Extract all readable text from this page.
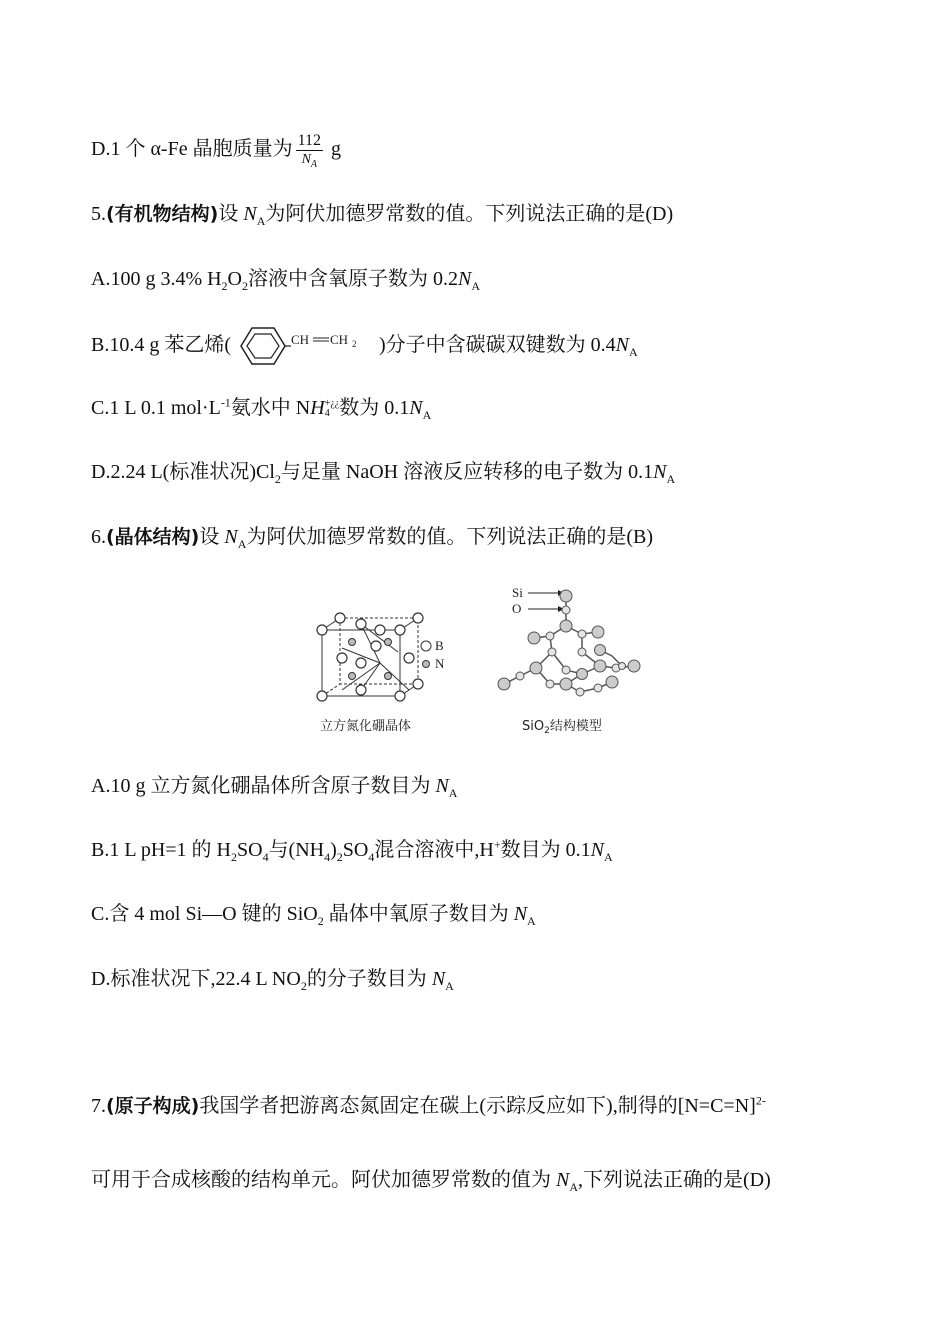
D.1 个 α-Fe 晶胞质量为 $\frac{112}{N_A}$ g
5.(有机物结构)设 $N_A$为阿伏加德罗常数的值。下列说法正确的是(D)
A.100 g 3.4% $H_2O_2$溶液中含氧原子数为 $0.2N_A$
B.10.4 g 苯乙烯(	CH CH 2 )分子中含碳碳双键数为 $0.4N_A$
C.1 L 0.1 $mol\cdot L^{-1}$氨水中 NH +¿¿
4 数为 $0.1N_A$
D.2.24 L(标准状况)$Cl_2$与足量 NaOH 溶液反应转移的电子数为 $0.1N_A$
6.(晶体结构)设 $N_A$为阿伏加德罗常数的值。下列说法正确的是(B)
B
N
立方氮化硼晶体
Si
O
SiO$_2$结构模型
A.10 g 立方氮化硼晶体所含原子数目为 $N_A$
B.1 L pH=1 的 $H_2SO_4$与$(NH_4)_2SO_4$混合溶液中,H+数目为 $0.1N_A$
C.含 4 mol Si—O 键的 SiO$_2$ 晶体中氧原子数目为 $N_A$
D.标准状况下,22.4 L $NO_2$的分子数目为 $N_A$
7.(原子构成)我国学者把游离态氮固定在碳上(示踪反应如下),制得的[N=C=N]$^{2-}$
可用于合成核酸的结构单元。阿伏加德罗常数的值为 $N_A$,下列说法正确的是(D)
